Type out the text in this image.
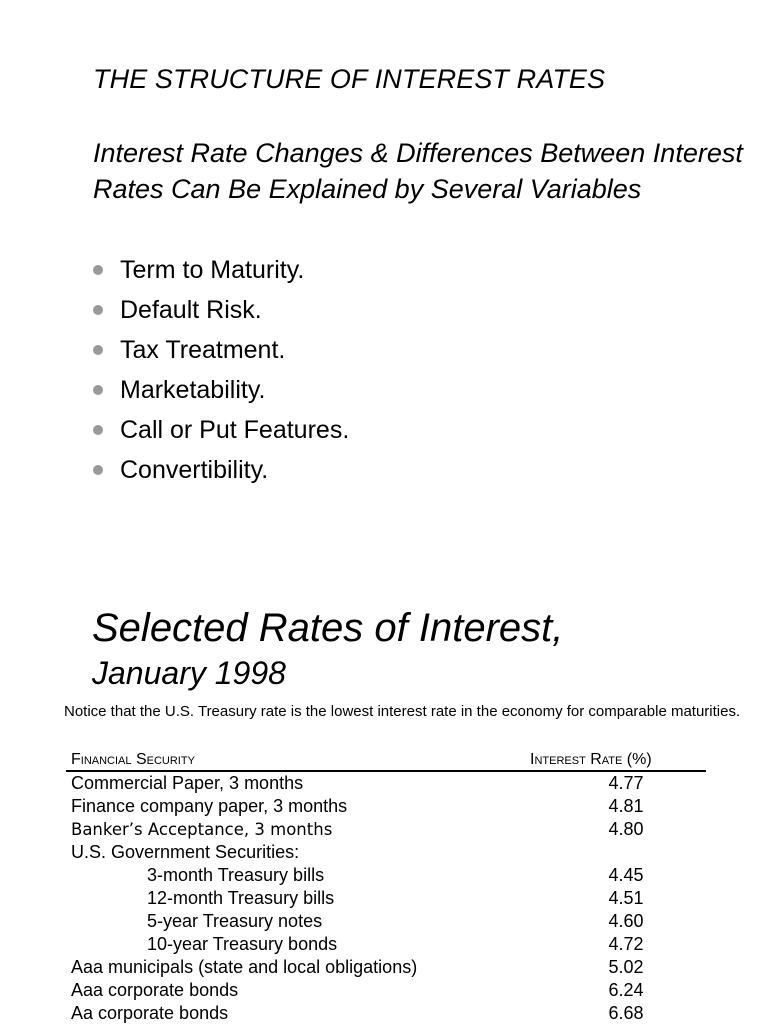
THE STRUCTURE OF INTEREST RATES
Interest Rate Changes & Differences Between Interest Rates Can Be Explained by Several Variables
Term to Maturity.
Default Risk.
Tax Treatment.
Marketability.
Call or Put Features.
Convertibility.
Selected Rates of Interest,
January 1998

Notice that the U.S. Treasury rate is the lowest interest rate in the economy for comparable maturities.

Financial Security	Interest Rate (%)
Commercial Paper, 3 months	4.77
Finance company paper, 3 months	4.81
Banker’s Acceptance, 3 months	4.80
U.S. Government Securities:
3-month Treasury bills	4.45
12-month Treasury bills	4.51
5-year Treasury notes	4.60
10-year Treasury bonds	4.72
Aaa municipals (state and local obligations)	5.02
Aaa corporate bonds	6.24
Aa corporate bonds	6.68
